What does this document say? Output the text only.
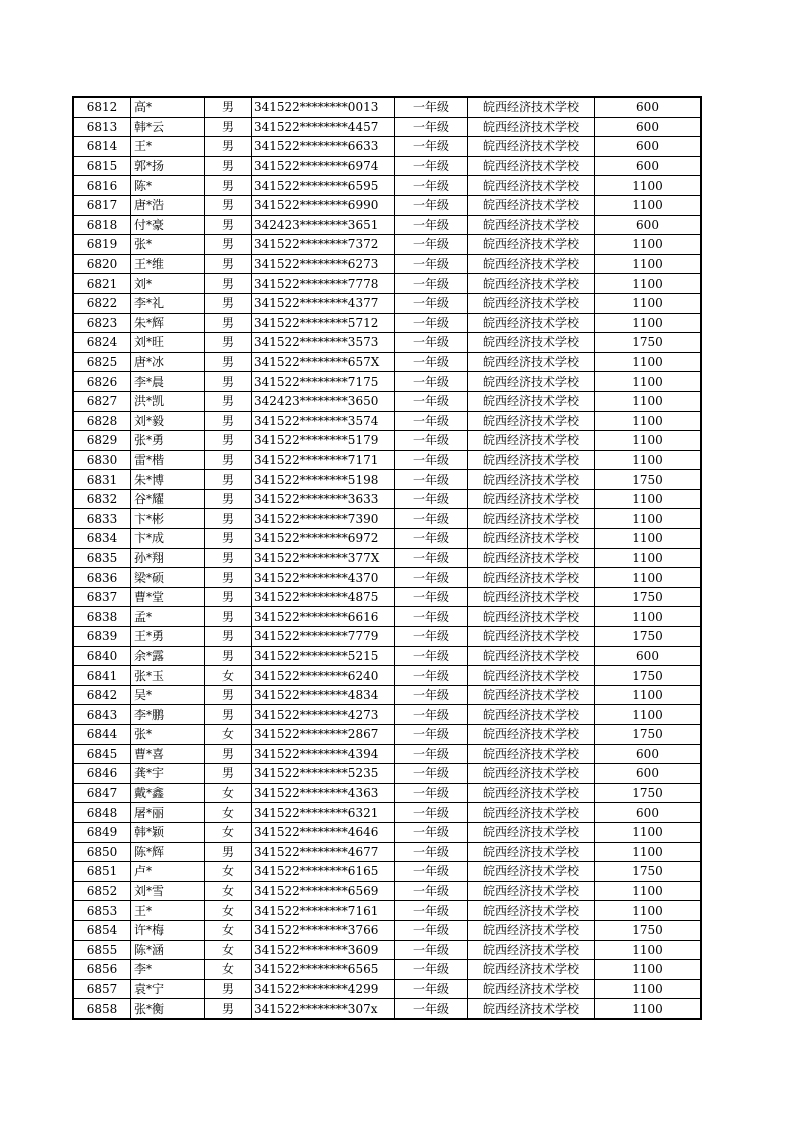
6812	高*	男	341522********0013	一年级	皖西经济技术学校	600
6813	韩*云	男	341522********4457	一年级	皖西经济技术学校	600
6814	王*	男	341522********6633	一年级	皖西经济技术学校	600
6815	郭*扬	男	341522********6974	一年级	皖西经济技术学校	600
6816	陈*	男	341522********6595	一年级	皖西经济技术学校	1100
6817	唐*浩	男	341522********6990	一年级	皖西经济技术学校	1100
6818	付*豪	男	342423********3651	一年级	皖西经济技术学校	600
6819	张*	男	341522********7372	一年级	皖西经济技术学校	1100
6820	王*维	男	341522********6273	一年级	皖西经济技术学校	1100
6821	刘*	男	341522********7778	一年级	皖西经济技术学校	1100
6822	李*礼	男	341522********4377	一年级	皖西经济技术学校	1100
6823	朱*辉	男	341522********5712	一年级	皖西经济技术学校	1100
6824	刘*旺	男	341522********3573	一年级	皖西经济技术学校	1750
6825	唐*冰	男	341522********657X	一年级	皖西经济技术学校	1100
6826	李*晨	男	341522********7175	一年级	皖西经济技术学校	1100
6827	洪*凯	男	342423********3650	一年级	皖西经济技术学校	1100
6828	刘*毅	男	341522********3574	一年级	皖西经济技术学校	1100
6829	张*勇	男	341522********5179	一年级	皖西经济技术学校	1100
6830	雷*楷	男	341522********7171	一年级	皖西经济技术学校	1100
6831	朱*博	男	341522********5198	一年级	皖西经济技术学校	1750
6832	谷*耀	男	341522********3633	一年级	皖西经济技术学校	1100
6833	卞*彬	男	341522********7390	一年级	皖西经济技术学校	1100
6834	卞*成	男	341522********6972	一年级	皖西经济技术学校	1100
6835	孙*翔	男	341522********377X	一年级	皖西经济技术学校	1100
6836	梁*硕	男	341522********4370	一年级	皖西经济技术学校	1100
6837	曹*堂	男	341522********4875	一年级	皖西经济技术学校	1750
6838	孟*	男	341522********6616	一年级	皖西经济技术学校	1100
6839	王*勇	男	341522********7779	一年级	皖西经济技术学校	1750
6840	余*露	男	341522********5215	一年级	皖西经济技术学校	600
6841	张*玉	女	341522********6240	一年级	皖西经济技术学校	1750
6842	吴*	男	341522********4834	一年级	皖西经济技术学校	1100
6843	李*鹏	男	341522********4273	一年级	皖西经济技术学校	1100
6844	张*	女	341522********2867	一年级	皖西经济技术学校	1750
6845	曹*喜	男	341522********4394	一年级	皖西经济技术学校	600
6846	龚*宇	男	341522********5235	一年级	皖西经济技术学校	600
6847	戴*鑫	女	341522********4363	一年级	皖西经济技术学校	1750
6848	屠*丽	女	341522********6321	一年级	皖西经济技术学校	600
6849	韩*颖	女	341522********4646	一年级	皖西经济技术学校	1100
6850	陈*辉	男	341522********4677	一年级	皖西经济技术学校	1100
6851	卢*	女	341522********6165	一年级	皖西经济技术学校	1750
6852	刘*雪	女	341522********6569	一年级	皖西经济技术学校	1100
6853	王*	女	341522********7161	一年级	皖西经济技术学校	1100
6854	许*梅	女	341522********3766	一年级	皖西经济技术学校	1750
6855	陈*涵	女	341522********3609	一年级	皖西经济技术学校	1100
6856	李*	女	341522********6565	一年级	皖西经济技术学校	1100
6857	袁*宁	男	341522********4299	一年级	皖西经济技术学校	1100
6858	张*衡	男	341522********307x	一年级	皖西经济技术学校	1100
